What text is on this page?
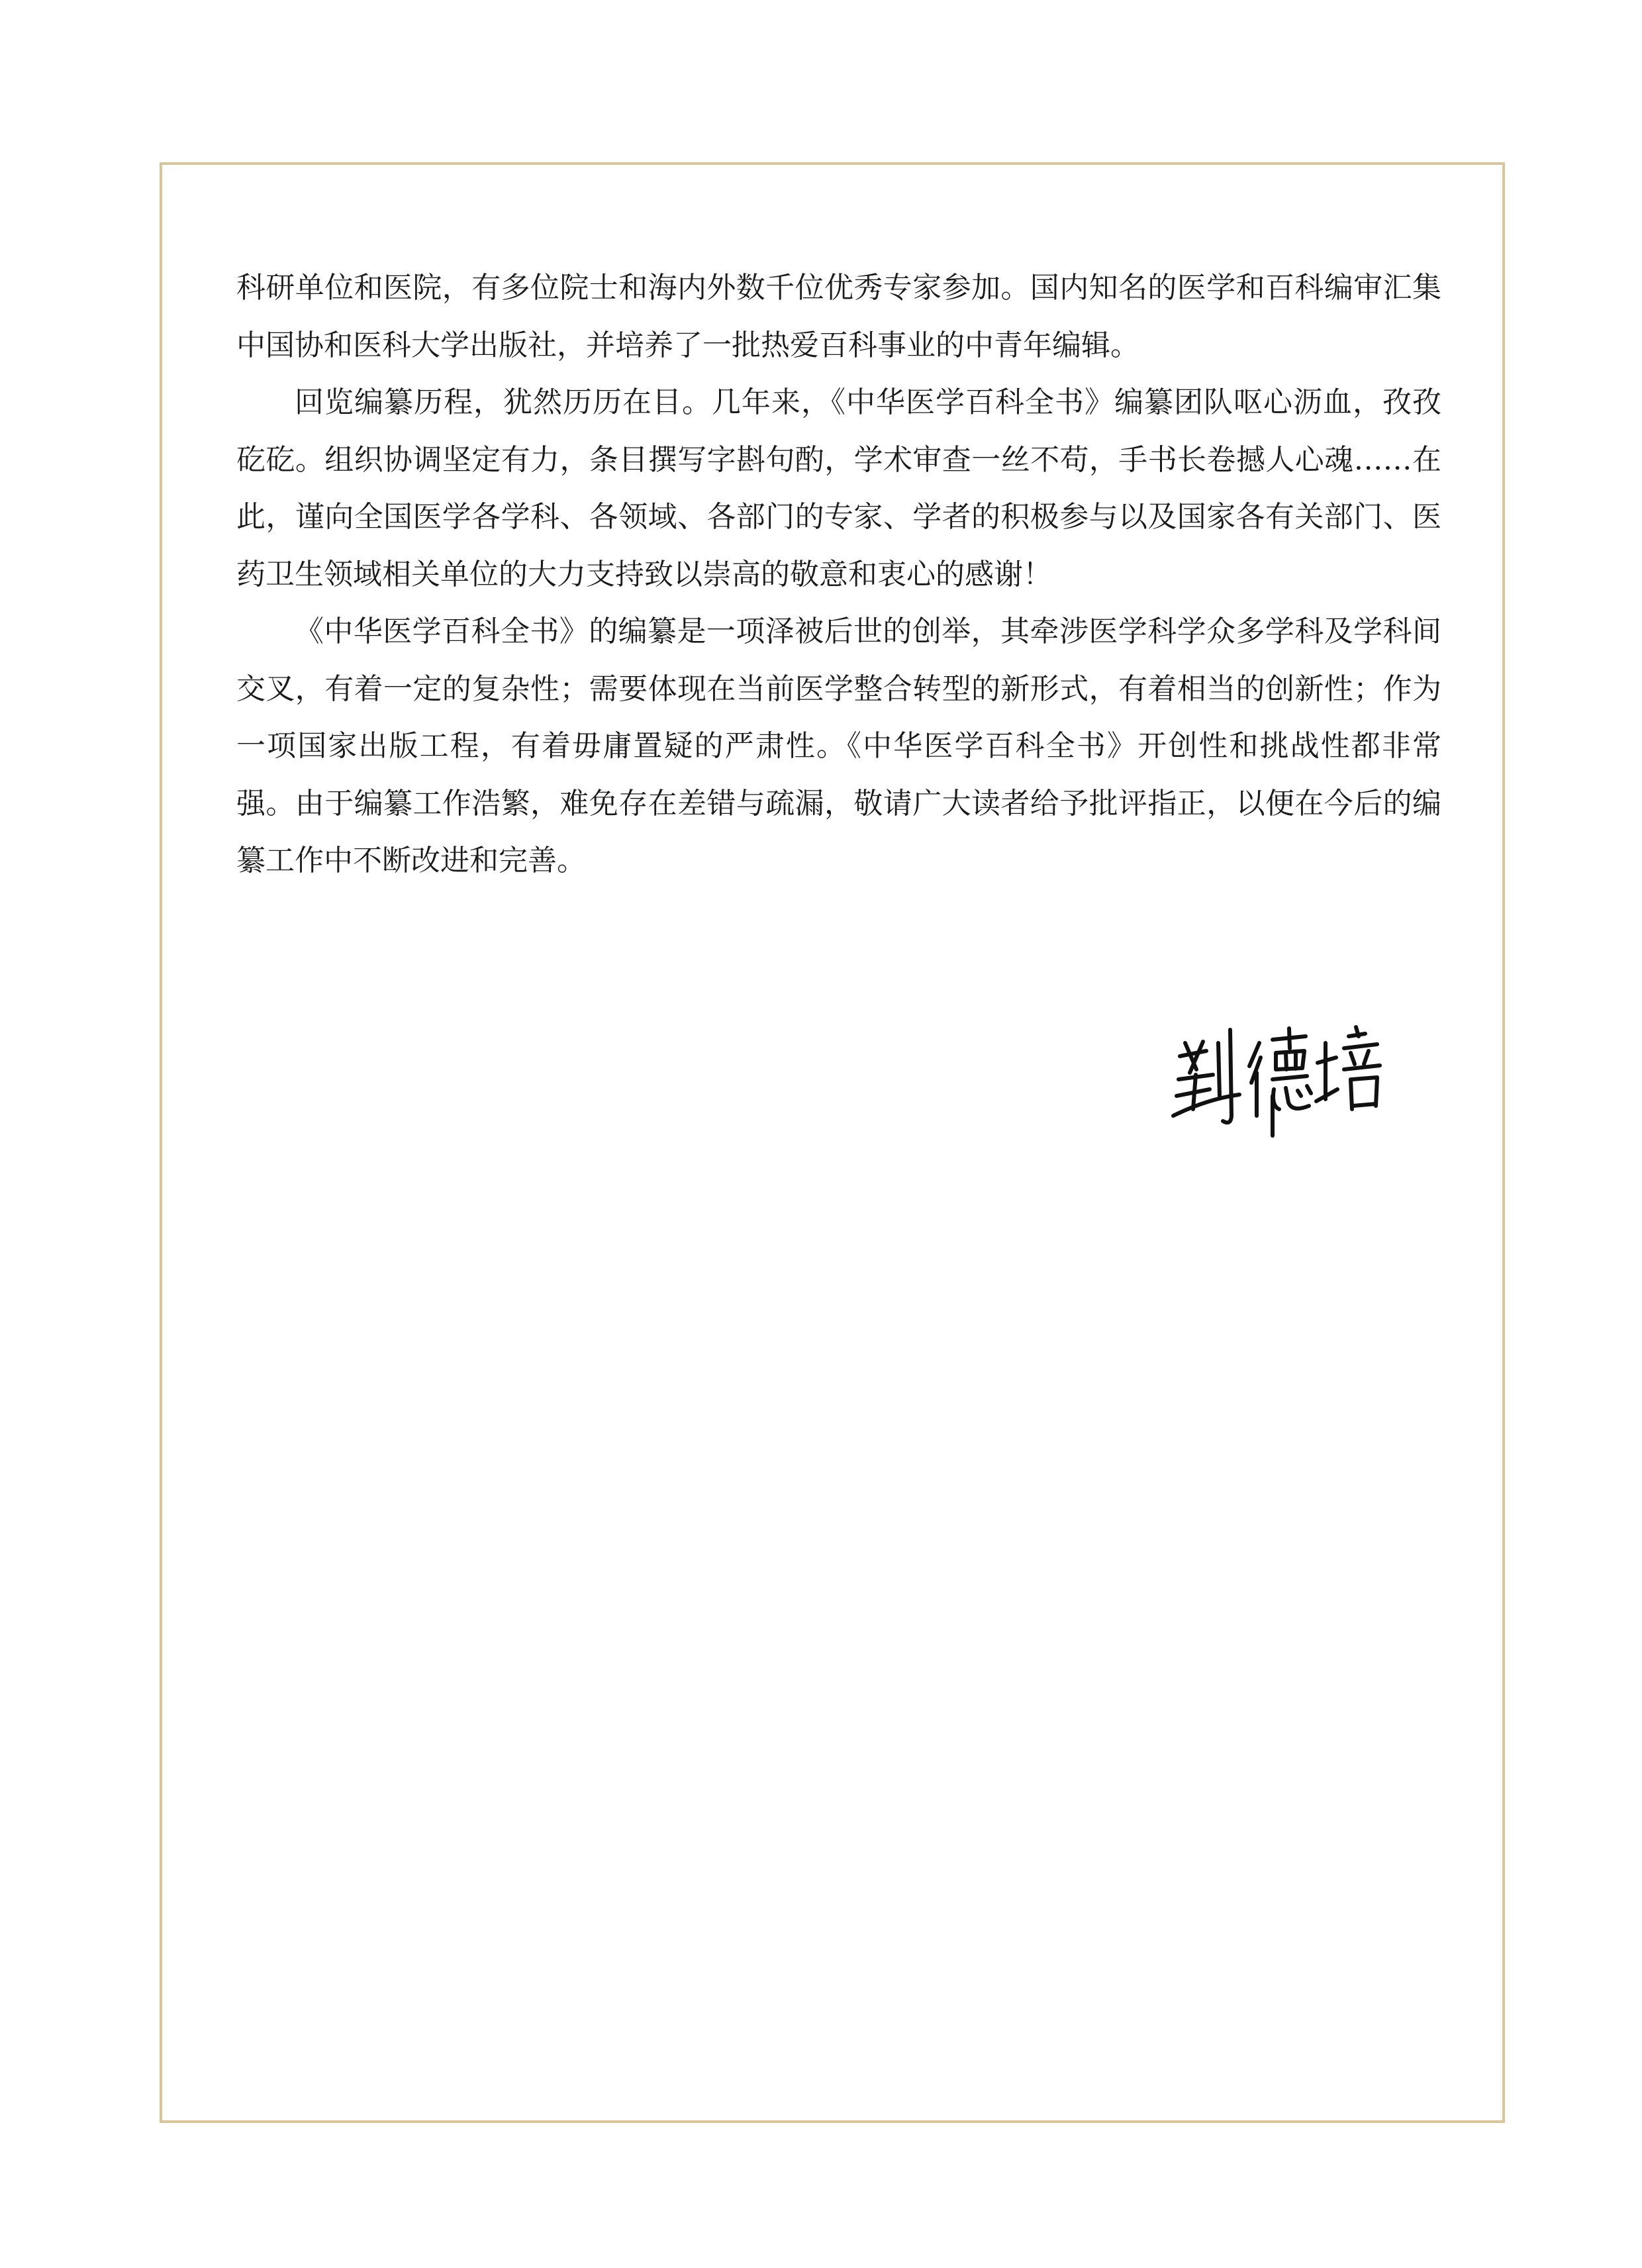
科研单位和医院，有多位院士和海内外数千位优秀专家参加。国内知名的医学和百科编审汇集中国协和医科大学出版社，并培养了一批热爱百科事业的中青年编辑。

回览编纂历程，犹然历历在目。几年来，《中华医学百科全书》编纂团队呕心沥血，孜孜矻矻。组织协调坚定有力，条目撰写字斟句酌，学术审查一丝不苟，手书长卷撼人心魂……在此，谨向全国医学各学科、各领域、各部门的专家、学者的积极参与以及国家各有关部门、医药卫生领域相关单位的大力支持致以崇高的敬意和衷心的感谢！

《中华医学百科全书》的编纂是一项泽被后世的创举，其牵涉医学科学众多学科及学科间交叉，有着一定的复杂性；需要体现在当前医学整合转型的新形式，有着相当的创新性；作为一项国家出版工程，有着毋庸置疑的严肃性。《中华医学百科全书》开创性和挑战性都非常强。由于编纂工作浩繁，难免存在差错与疏漏，敬请广大读者给予批评指正，以便在今后的编纂工作中不断改进和完善。
